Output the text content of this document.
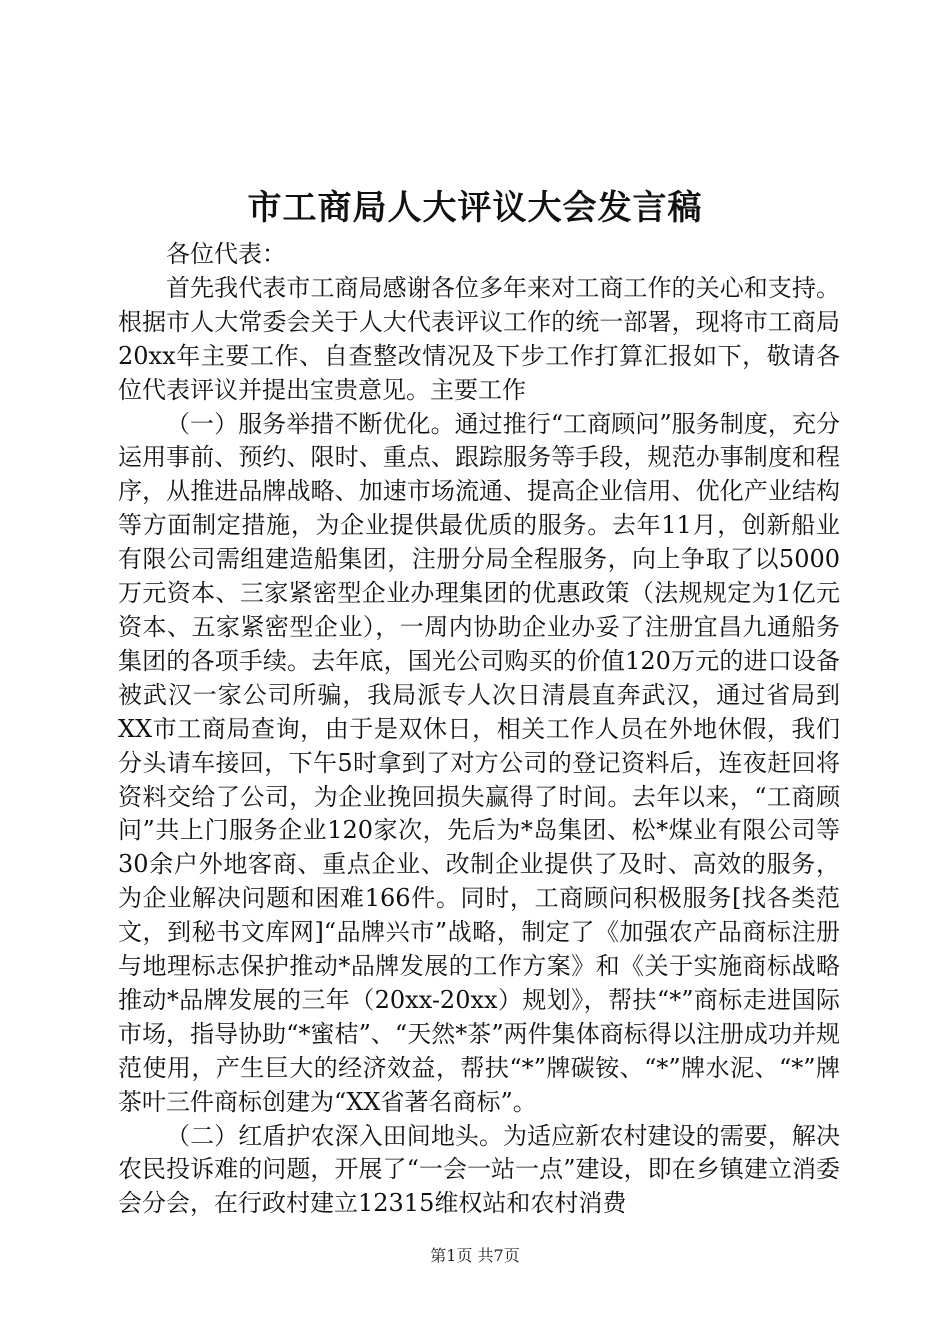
市工商局人大评议大会发言稿

各位代表：

首先我代表市工商局感谢各位多年来对工商工作的关心和支持。根据市人大常委会关于人大代表评议工作的统一部署，现将市工商局20xx年主要工作、自查整改情况及下步工作打算汇报如下，敬请各位代表评议并提出宝贵意见。主要工作

（一）服务举措不断优化。通过推行“工商顾问”服务制度，充分运用事前、预约、限时、重点、跟踪服务等手段，规范办事制度和程序，从推进品牌战略、加速市场流通、提高企业信用、优化产业结构等方面制定措施，为企业提供最优质的服务。去年11月，创新船业有限公司需组建造船集团，注册分局全程服务，向上争取了以5000万元资本、三家紧密型企业办理集团的优惠政策（法规规定为1亿元资本、五家紧密型企业），一周内协助企业办妥了注册宜昌九通船务集团的各项手续。去年底，国光公司购买的价值120万元的进口设备被武汉一家公司所骗，我局派专人次日清晨直奔武汉，通过省局到XX市工商局查询，由于是双休日，相关工作人员在外地休假，我们分头请车接回，下午5时拿到了对方公司的登记资料后，连夜赶回将资料交给了公司，为企业挽回损失赢得了时间。去年以来，“工商顾问”共上门服务企业120家次，先后为*岛集团、松*煤业有限公司等30余户外地客商、重点企业、改制企业提供了及时、高效的服务，为企业解决问题和困难166件。同时，工商顾问积极服务[找各类范文，到秘书文库网]“品牌兴市”战略，制定了《加强农产品商标注册与地理标志保护推动*品牌发展的工作方案》和《关于实施商标战略推动*品牌发展的三年（20xx-20xx）规划》，帮扶“*”商标走进国际市场，指导协助“*蜜桔”、“天然*茶”两件集体商标得以注册成功并规范使用，产生巨大的经济效益，帮扶“*”牌碳铵、“*”牌水泥、“*”牌茶叶三件商标创建为“XX省著名商标”。

（二）红盾护农深入田间地头。为适应新农村建设的需要，解决农民投诉难的问题，开展了“一会一站一点”建设，即在乡镇建立消委会分会，在行政村建立12315维权站和农村消费

第1页 共7页
